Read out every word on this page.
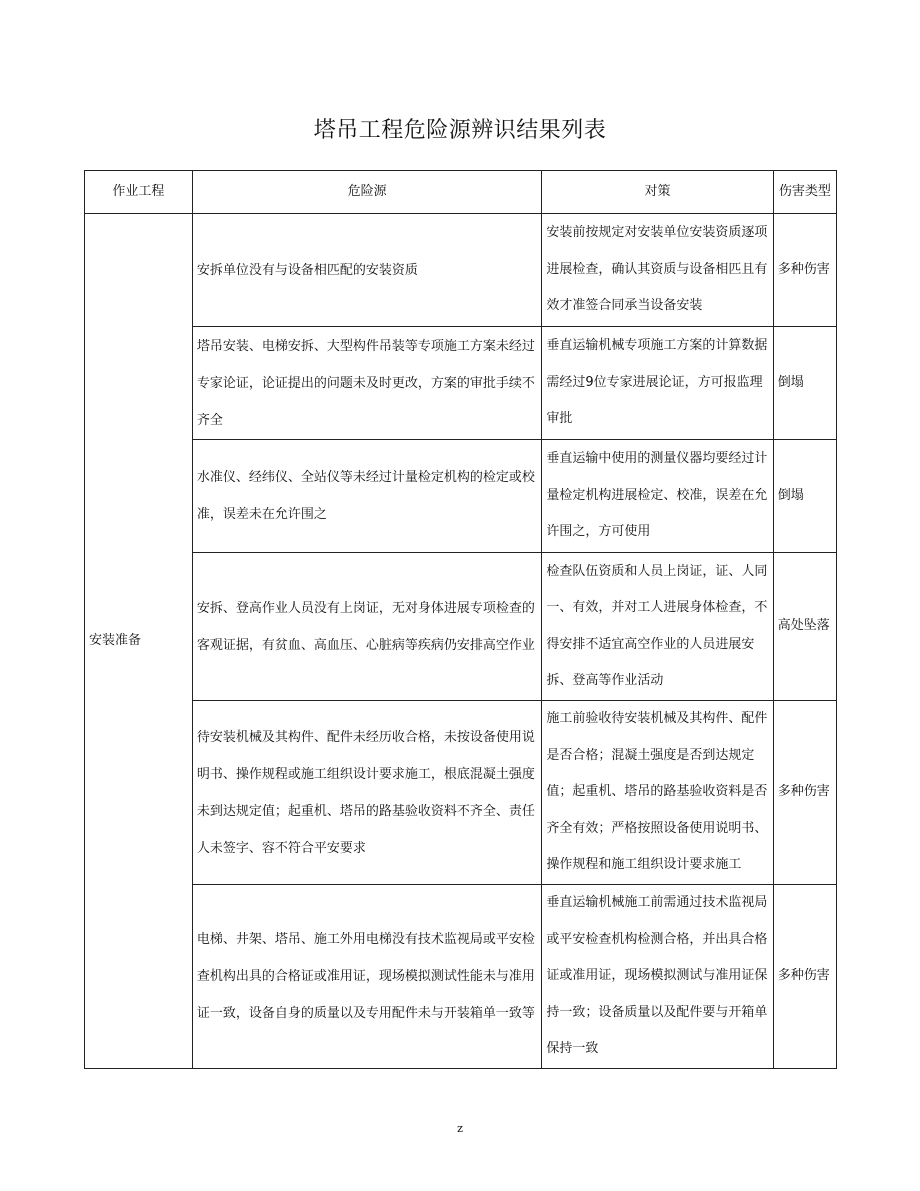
塔吊工程危险源辨识结果列表
作业工程	危险源	对策	伤害类型
安装准备	安拆单位没有与设备相匹配的安装资质	安装前按规定对安装单位安装资质逐项进展检查，确认其资质与设备相匹且有效才准签合同承当设备安装	多种伤害
	塔吊安装、电梯安拆、大型构件吊装等专项施工方案未经过专家论证，论证提出的问题未及时更改，方案的审批手续不齐全	垂直运输机械专项施工方案的计算数据需经过9位专家进展论证，方可报监理审批	倒塌
	水准仪、经纬仪、全站仪等未经过计量检定机构的检定或校准，误差未在允许围之	垂直运输中使用的测量仪器均要经过计量检定机构进展检定、校准，误差在允许围之，方可使用	倒塌
	安拆、登高作业人员没有上岗证，无对身体进展专项检查的客观证据，有贫血、高血压、心脏病等疾病仍安排高空作业	检查队伍资质和人员上岗证，证、人同一、有效，并对工人进展身体检查，不得安排不适宜高空作业的人员进展安拆、登高等作业活动	高处坠落
	待安装机械及其构件、配件未经历收合格，未按设备使用说明书、操作规程或施工组织设计要求施工，根底混凝土强度未到达规定值；起重机、塔吊的路基验收资料不齐全、责任人未签字、容不符合平安要求	施工前验收待安装机械及其构件、配件是否合格；混凝土强度是否到达规定值；起重机、塔吊的路基验收资料是否齐全有效；严格按照设备使用说明书、操作规程和施工组织设计要求施工	多种伤害
	电梯、井架、塔吊、施工外用电梯没有技术监视局或平安检查机构出具的合格证或准用证，现场模拟测试性能未与准用证一致，设备自身的质量以及专用配件未与开装箱单一致等	垂直运输机械施工前需通过技术监视局或平安检查机构检测合格，并出具合格证或准用证，现场模拟测试与准用证保持一致；设备质量以及配件要与开箱单保持一致	多种伤害
z
